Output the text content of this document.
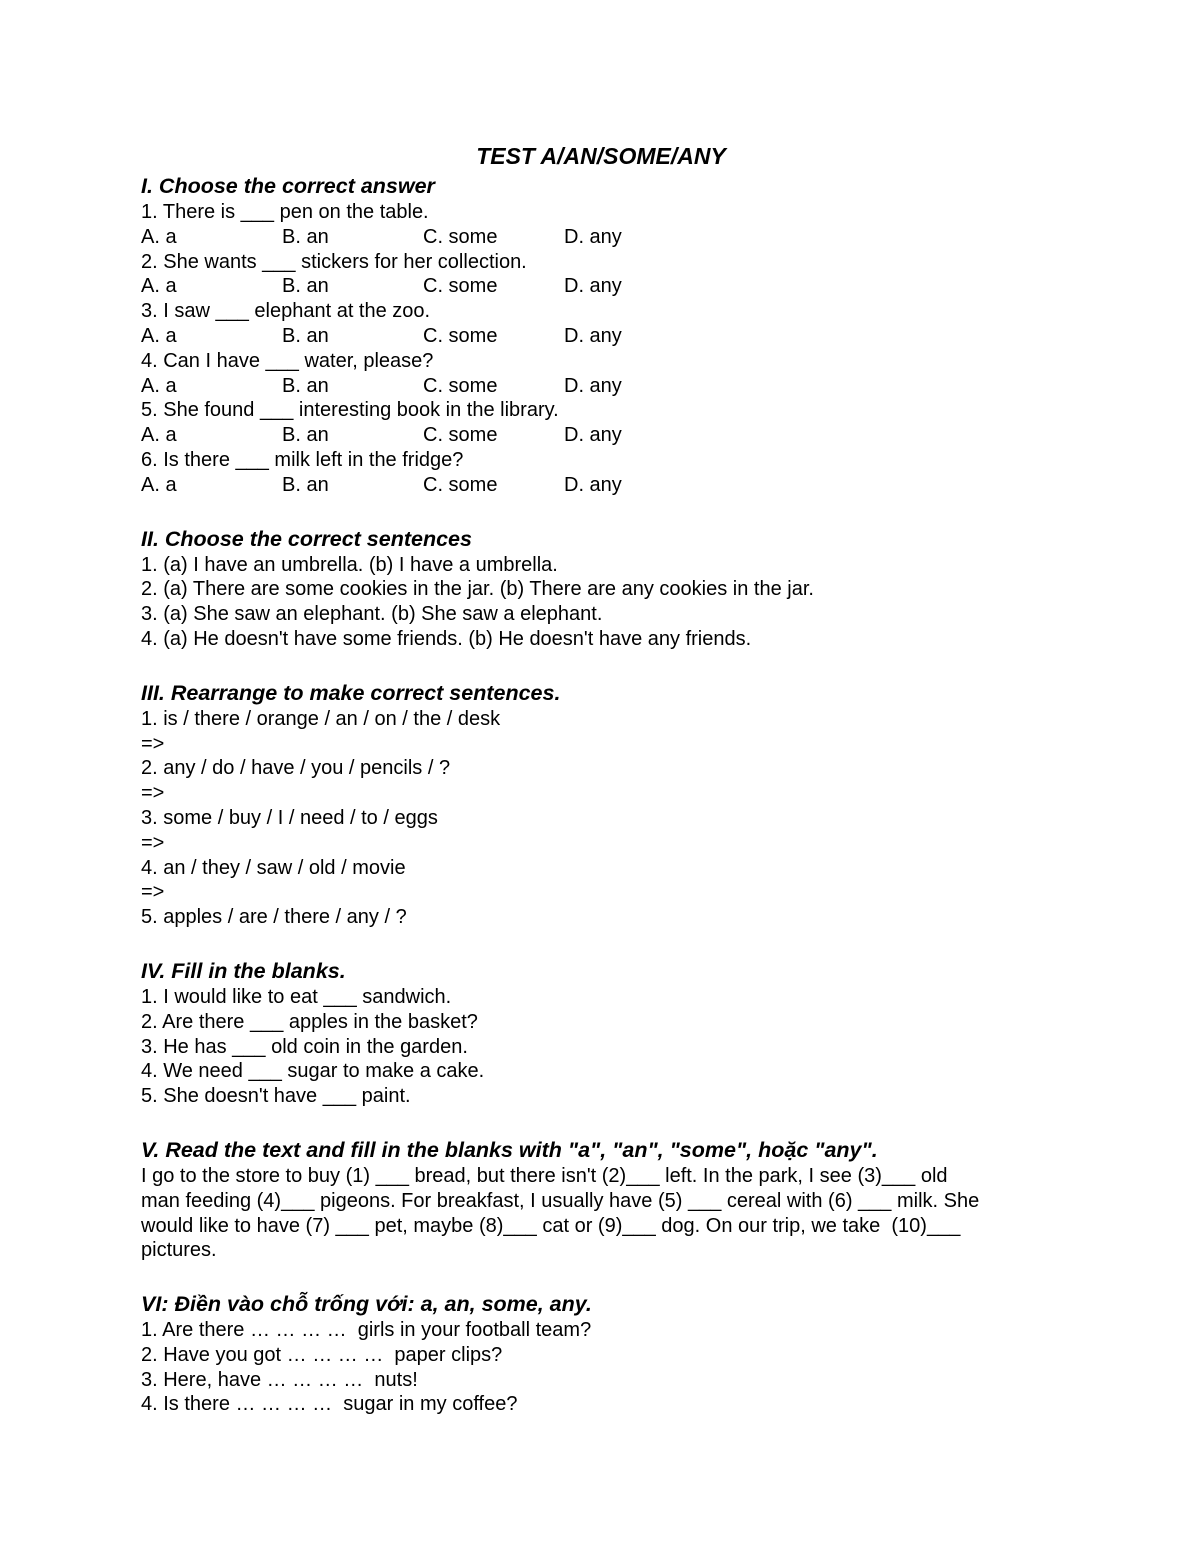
TEST A/AN/SOME/ANY
I. Choose the correct answer
1. There is ___ pen on the table.
A. a	B. an	C. some	D. any
2. She wants ___ stickers for her collection.
A. a	B. an	C. some	D. any
3. I saw ___ elephant at the zoo.
A. a	B. an	C. some	D. any
4. Can I have ___ water, please?
A. a	B. an	C. some	D. any
5. She found ___ interesting book in the library.
A. a	B. an	C. some	D. any
6. Is there ___ milk left in the fridge?
A. a	B. an	C. some	D. any
II. Choose the correct sentences
1. (a) I have an umbrella. (b) I have a umbrella.
2. (a) There are some cookies in the jar. (b) There are any cookies in the jar.
3. (a) She saw an elephant. (b) She saw a elephant.
4. (a) He doesn't have some friends. (b) He doesn't have any friends.
III. Rearrange to make correct sentences.
1. is / there / orange / an / on / the / desk
=>
2. any / do / have / you / pencils / ?
=>
3. some / buy / I / need / to / eggs
=>
4. an / they / saw / old / movie
=>
5. apples / are / there / any / ?
IV. Fill in the blanks.
1. I would like to eat ___ sandwich.
2. Are there ___ apples in the basket?
3. He has ___ old coin in the garden.
4. We need ___ sugar to make a cake.
5. She doesn't have ___ paint.
V. Read the text and fill in the blanks with "a", "an", "some", hoặc "any".
I go to the store to buy (1) ___ bread, but there isn't (2)___ left. In the park, I see (3)___ old
man feeding (4)___ pigeons. For breakfast, I usually have (5) ___ cereal with (6) ___ milk. She
would like to have (7) ___ pet, maybe (8)___ cat or (9)___ dog. On our trip, we take  (10)___
pictures.
VI: Điền vào chỗ trống với: a, an, some, any.
1. Are there … … … …  girls in your football team?
2. Have you got … … … …  paper clips?
3. Here, have … … … …  nuts!
4. Is there … … … …  sugar in my coffee?
